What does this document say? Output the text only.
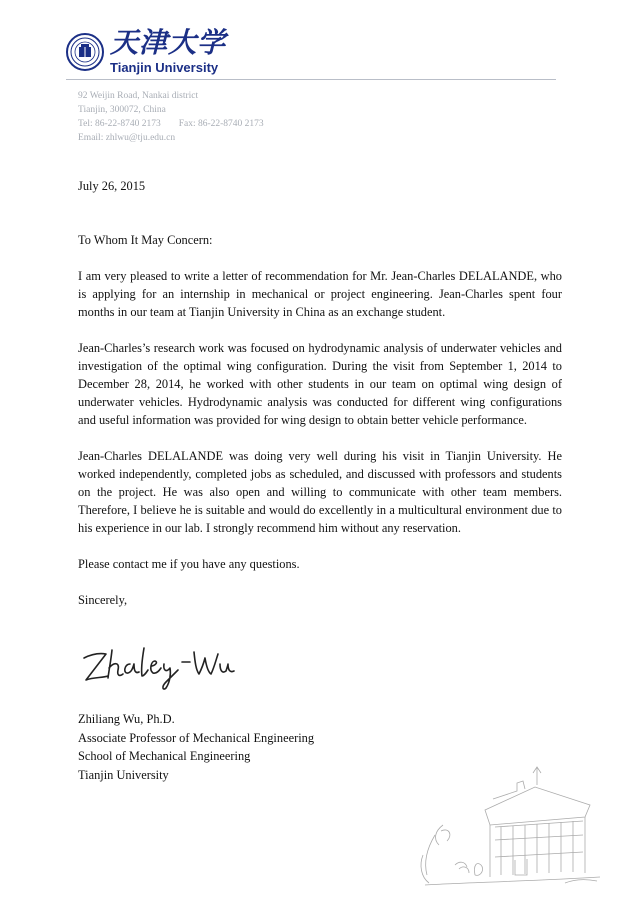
天津大学
Tianjin University
92 Weijin Road, Nankai district
Tianjin, 300072, China
Tel: 86-22-8740 2173 Fax: 86-22-8740 2173
Email: zhlwu@tju.edu.cn

July 26, 2015

To Whom It May Concern:

I am very pleased to write a letter of recommendation for Mr. Jean-Charles DELALANDE, who is applying for an internship in mechanical or project engineering. Jean-Charles spent four months in our team at Tianjin University in China as an exchange student.

Jean-Charles’s research work was focused on hydrodynamic analysis of underwater vehicles and investigation of the optimal wing configuration. During the visit from September 1, 2014 to December 28, 2014, he worked with other students in our team on optimal wing design of underwater vehicles. Hydrodynamic analysis was conducted for different wing configurations and useful information was provided for wing design to obtain better vehicle performance.

Jean-Charles DELALANDE was doing very well during his visit in Tianjin University. He worked independently, completed jobs as scheduled, and discussed with professors and students on the project. He was also open and willing to communicate with other team members. Therefore, I believe he is suitable and would do excellently in a multicultural environment due to his experience in our lab. I strongly recommend him without any reservation.

Please contact me if you have any questions.

Sincerely,

Zhiliang Wu, Ph.D.

Associate Professor of Mechanical Engineering

School of Mechanical Engineering

Tianjin University
